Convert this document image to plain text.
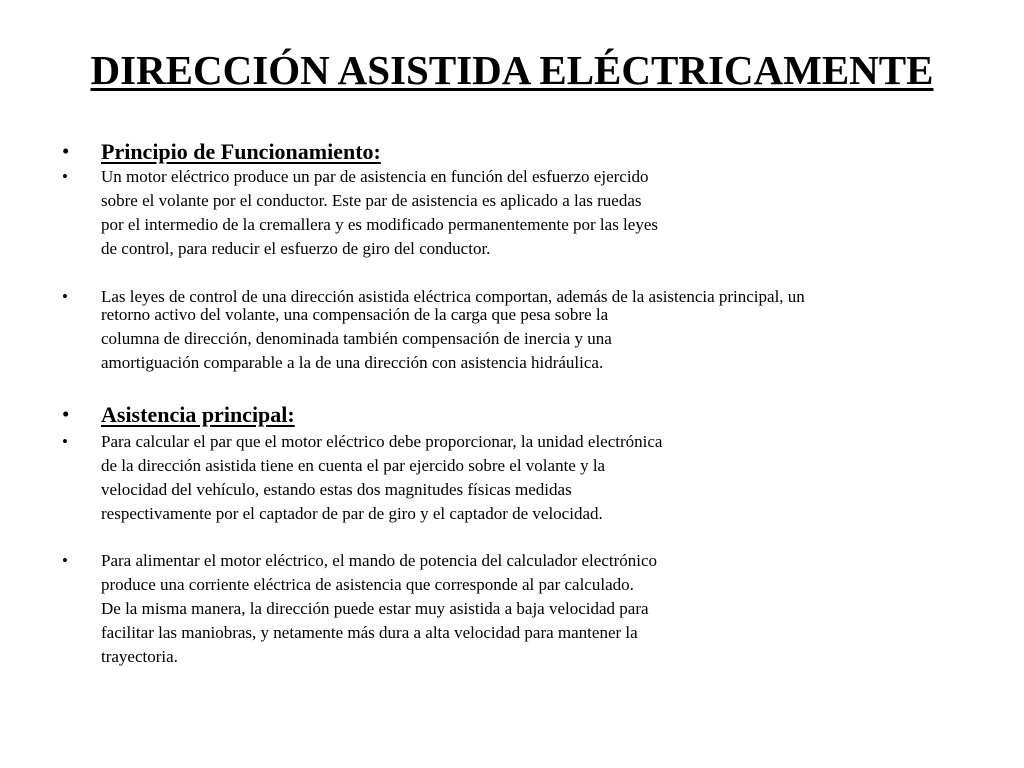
DIRECCIÓN ASISTIDA ELÉCTRICAMENTE
• Principio de Funcionamiento:
• Un motor eléctrico produce un par de asistencia en función del esfuerzo ejercido
sobre el volante por el conductor. Este par de asistencia es aplicado a las ruedas
por el intermedio de la cremallera y es modificado permanentemente por las leyes
de control, para reducir el esfuerzo de giro del conductor.
• Las leyes de control de una dirección asistida eléctrica comportan, además de la asistencia principal, un
retorno activo del volante, una compensación de la carga que pesa sobre la
columna de dirección, denominada también compensación de inercia y una
amortiguación comparable a la de una dirección con asistencia hidráulica.
• Asistencia principal:
• Para calcular el par que el motor eléctrico debe proporcionar, la unidad electrónica
de la dirección asistida tiene en cuenta el par ejercido sobre el volante y la
velocidad del vehículo, estando estas dos magnitudes físicas medidas
respectivamente por el captador de par de giro y el captador de velocidad.
• Para alimentar el motor eléctrico, el mando de potencia del calculador electrónico
produce una corriente eléctrica de asistencia que corresponde al par calculado.
De la misma manera, la dirección puede estar muy asistida a baja velocidad para
facilitar las maniobras, y netamente más dura a alta velocidad para mantener la
trayectoria.
